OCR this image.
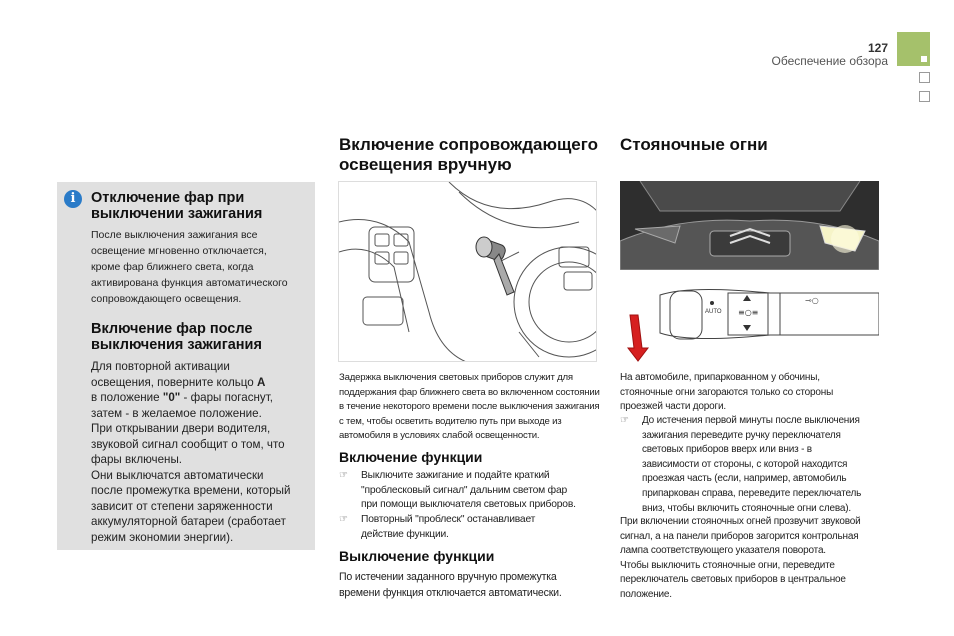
127
Обеспечение обзора
i	Отключение фар при
выключении зажигания
После выключения зажигания все
освещение мгновенно отключается,
кроме фар ближнего света, когда
активирована функция автоматического
сопровождающего освещения.
Включение фар после
выключения зажигания
Для повторной активации
освещения, поверните кольцо A
в положение "0" - фары погаснут,
затем - в желаемое положение.
При открывании двери водителя,
звуковой сигнал сообщит о том, что
фары включены.
Они выключатся автоматически
после промежутка времени, который
зависит от степени заряженности
аккумуляторной батареи (сработает
режим экономии энергии).
Включение сопровождающего
освещения вручную
Задержка выключения световых приборов служит для
поддержания фар ближнего света во включенном состоянии
в течение некоторого времени после выключения зажигания
с тем, чтобы осветить водителю путь при выходе из
автомобиля в условиях слабой освещенности.
Включение функции
☞ Выключите зажигание и подайте краткий
"проблесковый сигнал" дальним светом фар
при помощи выключателя световых приборов.
☞ Повторный "проблеск" останавливает
действие функции.
Выключение функции
По истечении заданного вручную промежутка
времени функция отключается автоматически.
Стояночные огни
AUTO ≡○≡
⊸○
На автомобиле, припаркованном у обочины,
стояночные огни загораются только со стороны
проезжей части дороги.
☞ До истечения первой минуты после выключения
зажигания переведите ручку переключателя
световых приборов вверх или вниз - в
зависимости от стороны, с которой находится
проезжая часть (если, например, автомобиль
припаркован справа, переведите переключатель
вниз, чтобы включить стояночные огни слева).
При включении стояночных огней прозвучит звуковой
сигнал, а на панели приборов загорится контрольная
лампа соответствующего указателя поворота.
Чтобы выключить стояночные огни, переведите
переключатель световых приборов в центральное
положение.
